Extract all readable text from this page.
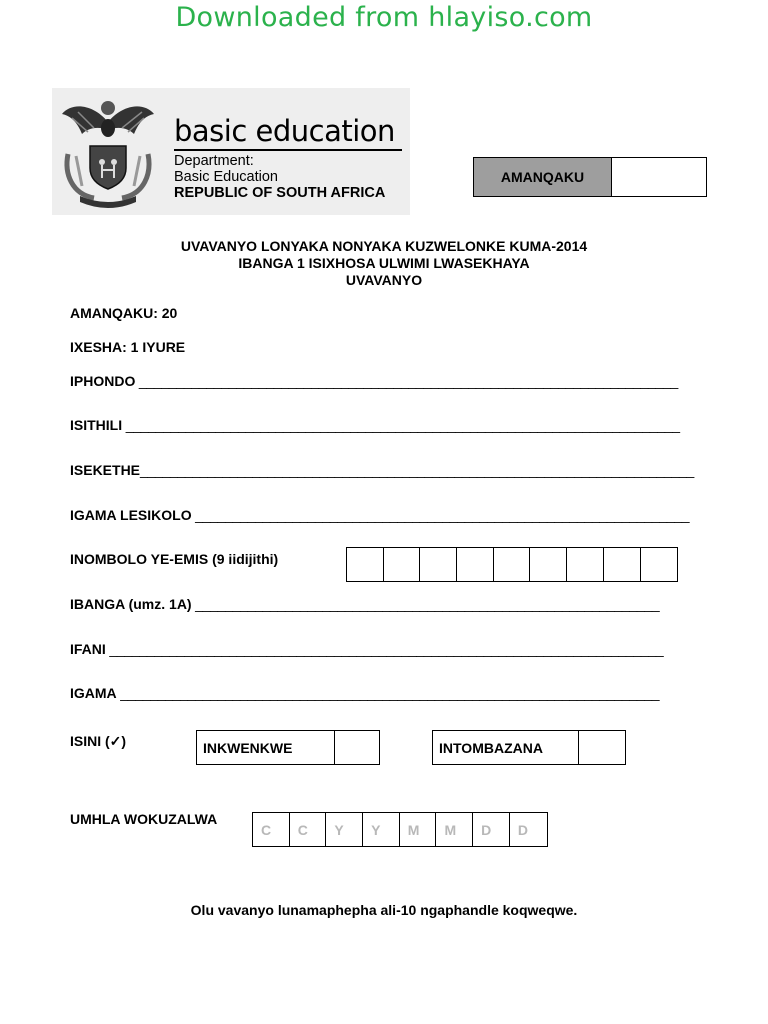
Downloaded from hlayiso.com
basic education
Department:
Basic Education
REPUBLIC OF SOUTH AFRICA
AMANQAKU
UVAVANYO LONYAKA NONYAKA KUZWELONKE KUMA-2014
IBANGA 1 ISIXHOSA ULWIMI LWASEKHAYA
UVAVANYO
AMANQAKU: 20
IXESHA: 1 IYURE
IPHONDO ________________________________________________________________________
ISITHILI __________________________________________________________________________
ISEKETHE__________________________________________________________________________
IGAMA LESIKOLO __________________________________________________________________
INOMBOLO YE-EMIS (9 iidijithi)
IBANGA (umz. 1A) ______________________________________________________________
IFANI __________________________________________________________________________
IGAMA ________________________________________________________________________
ISINI (✓)	INKWENKWE	INTOMBAZANA
UMHLA WOKUZALWA
C	C	Y	Y	M	M	D	D
Olu vavanyo lunamaphepha ali-10 ngaphandle koqweqwe.
